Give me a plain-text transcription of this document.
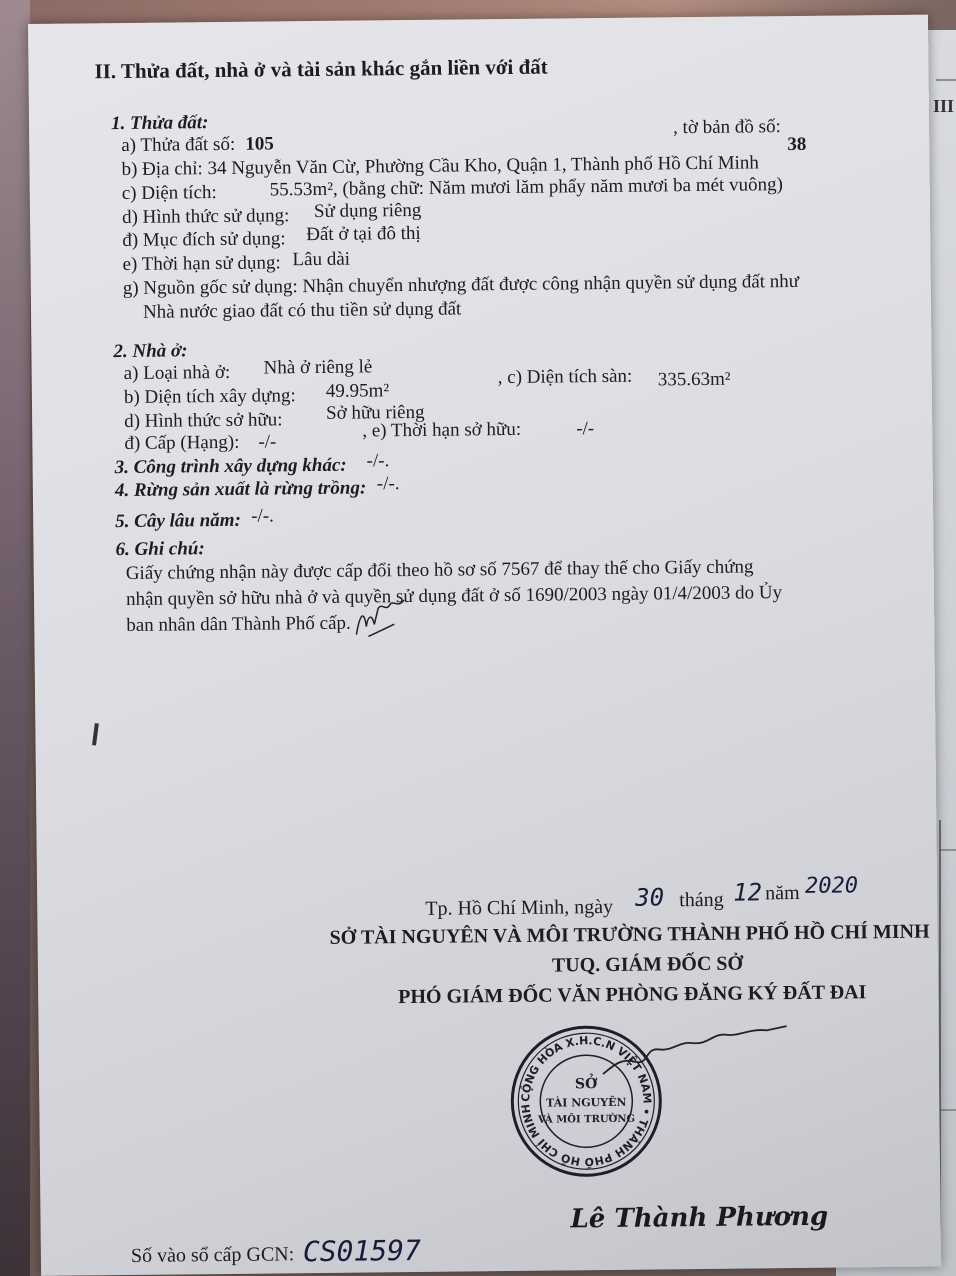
III
II. Thửa đất, nhà ở và tài sản khác gắn liền với đất
1. Thửa đất:
a) Thửa đất số: 105
, tờ bản đồ số:
38
b) Địa chỉ: 34 Nguyễn Văn Cừ, Phường Cầu Kho, Quận 1, Thành phố Hồ Chí Minh
c) Diện tích:	55.53m², (bằng chữ: Năm mươi lăm phẩy năm mươi ba mét vuông)
d) Hình thức sử dụng: Sử dụng riêng
đ) Mục đích sử dụng: Đất ở tại đô thị
e) Thời hạn sử dụng: Lâu dài
g) Nguồn gốc sử dụng: Nhận chuyển nhượng đất được công nhận quyền sử dụng đất như
Nhà nước giao đất có thu tiền sử dụng đất
2. Nhà ở:
a) Loại nhà ở: Nhà ở riêng lẻ
b) Diện tích xây dựng: 49.95m²
, c) Diện tích sàn: 335.63m²
d) Hình thức sở hữu: Sở hữu riêng
đ) Cấp (Hạng): -/-
, e) Thời hạn sở hữu:	-/-
3. Công trình xây dựng khác: -/-.
4. Rừng sản xuất là rừng trồng: -/-.
5. Cây lâu năm: -/-.
6. Ghi chú:
Giấy chứng nhận này được cấp đổi theo hồ sơ số 7567 để thay thế cho Giấy chứng
nhận quyền sở hữu nhà ở và quyền sử dụng đất ở số 1690/2003 ngày 01/4/2003 do Ủy
ban nhân dân Thành Phố cấp.
Tp. Hồ Chí Minh, ngày 30 tháng 12 năm 2020
SỞ TÀI NGUYÊN VÀ MÔI TRƯỜNG THÀNH PHỐ HỒ CHÍ MINH
TUQ. GIÁM ĐỐC SỞ
PHÓ GIÁM ĐỐC VĂN PHÒNG ĐĂNG KÝ ĐẤT ĐAI
CỘNG HÒA X.H.C.N VIỆT NAM • THÀNH PHỐ HỒ CHÍ MINH
SỞ
TÀI NGUYÊN
VÀ MÔI TRƯỜNG
Lê Thành Phương
Số vào sổ cấp GCN: CS01597
